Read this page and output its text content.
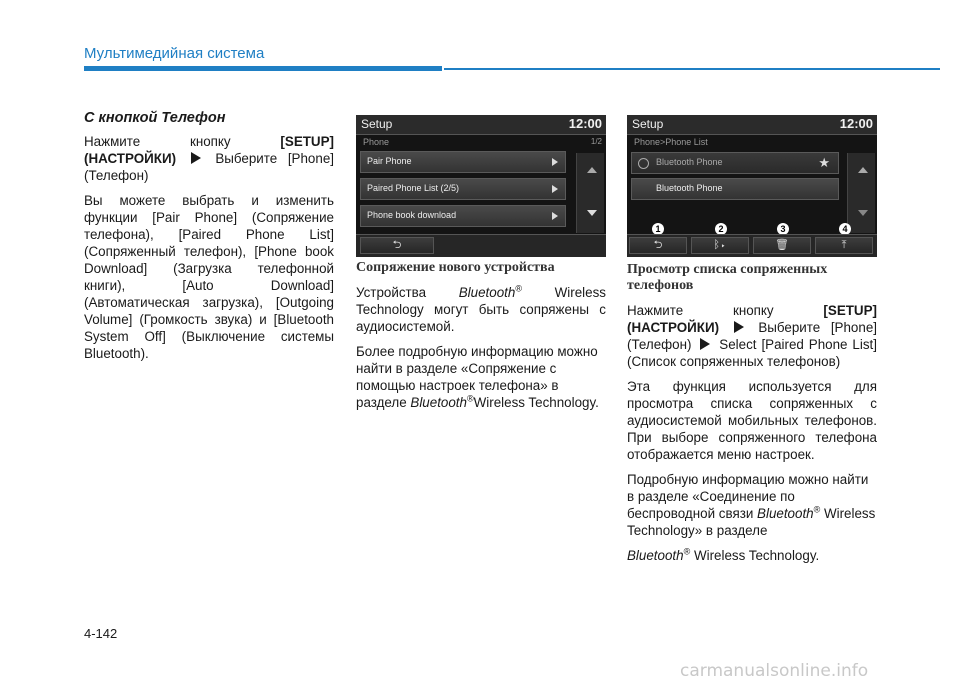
Мультимедийная система
С кнопкой Телефон

Нажмите кнопку [SETUP] (НАСТРОЙКИ)  Выберите [Phone] (Телефон)

Вы можете выбрать и изменить функции [Pair Phone] (Сопряжение телефона), [Paired Phone List] (Сопряженный телефон), [Phone book Download] (Загрузка телефонной книги), [Auto Download] (Автоматическая загрузка), [Outgoing Volume] (Громкость звука) и [Bluetooth System Off] (Выключение системы Bluetooth).

Setup	12:00
Phone	1/2
Pair Phone
Paired Phone List (2/5)
Phone book download
⮌
Сопряжение нового устройства

Устройства Bluetooth® Wireless Technology могут быть сопряжены с аудиосистемой.

Более подробную информацию можно найти в разделе «Сопряжение с помощью настроек телефона» в разделе Bluetooth®Wireless Technology.

Setup	12:00
Phone>Phone List
Bluetooth Phone	★
Bluetooth Phone
1	2	3	4
⮌	ᛒ▸	🗑	⤒
Просмотр списка сопряженных телефонов

Нажмите кнопку [SETUP] (НАСТРОЙКИ)  Выберите [Phone] (Телефон)  Select [Paired Phone List] (Список сопряженных телефонов)

Эта функция используется для просмотра списка сопряженных с аудиосистемой мобильных телефонов. При выборе сопряженного телефона отображается меню настроек.

Подробную информацию можно найти в разделе «Соединение по беспроводной связи Bluetooth® Wireless Technology» в разделе

Bluetooth® Wireless Technology.

4-142
carmanualsonline.info
